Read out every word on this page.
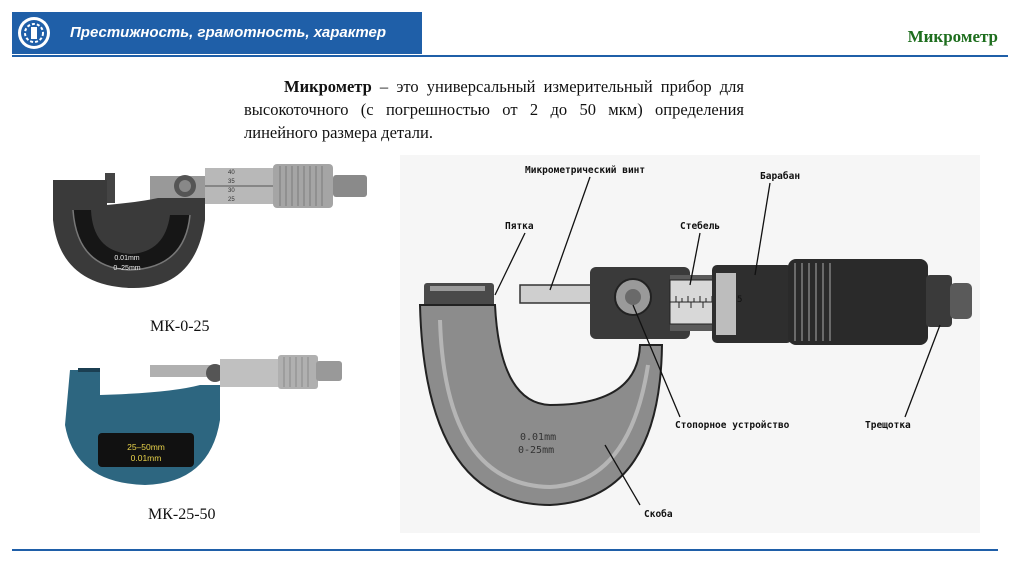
Престижность, грамотность, характер	Микрометр
Микрометр – это универсальный измерительный прибор для высокоточного (с погрешностью от 2 до 50 мкм) определения линейного размера детали.
40
35
30
25
0.01mm
0–25mm
МК-0-25
25–50mm
0.01mm
МК-25-50
5
0.01mm
0-25mm
Микрометрический винт
Барабан
Пятка	Стебель
Стопорное устройство	Трещотка
Скоба
